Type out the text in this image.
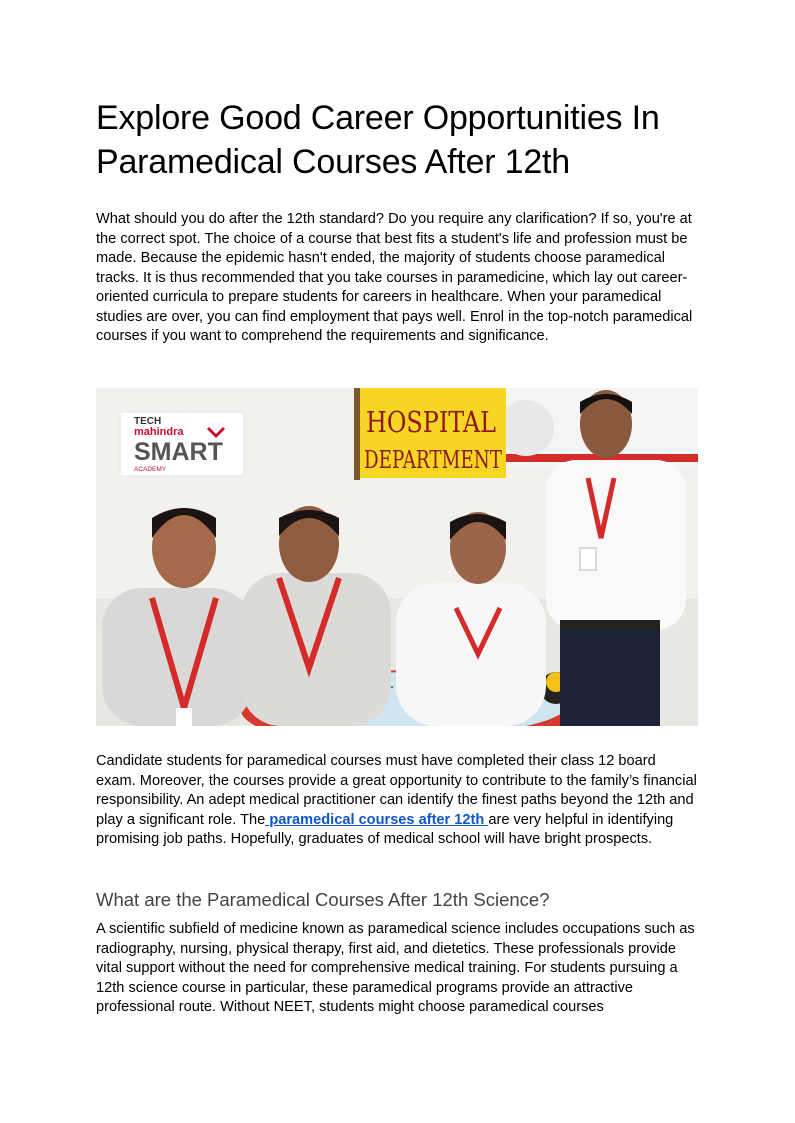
Explore Good Career Opportunities In Paramedical Courses After 12th

What should you do after the 12th standard? Do you require any clarification? If so, you're at the correct spot. The choice of a course that best fits a student's life and profession must be made. Because the epidemic hasn't ended, the majority of students choose paramedical tracks. It is thus recommended that you take courses in paramedicine, which lay out career-oriented curricula to prepare students for careers in healthcare. When your paramedical studies are over, you can find employment that pays well. Enrol in the top-notch paramedical courses if you want to comprehend the requirements and significance.

TECH
mahindra
SMART
ACADEMY
HOSPITAL
DEPARTMENT

Candidate students for paramedical courses must have completed their class 12 board exam. Moreover, the courses provide a great opportunity to contribute to the family’s financial responsibility. An adept medical practitioner can identify the finest paths beyond the 12th and play a significant role. The paramedical courses after 12th are very helpful in identifying promising job paths. Hopefully, graduates of medical school will have bright prospects.

What are the Paramedical Courses After 12th Science?

A scientific subfield of medicine known as paramedical science includes occupations such as radiography, nursing, physical therapy, first aid, and dietetics. These professionals provide vital support without the need for comprehensive medical training. For students pursuing a 12th science course in particular, these paramedical programs provide an attractive professional route. Without NEET, students might choose paramedical courses
